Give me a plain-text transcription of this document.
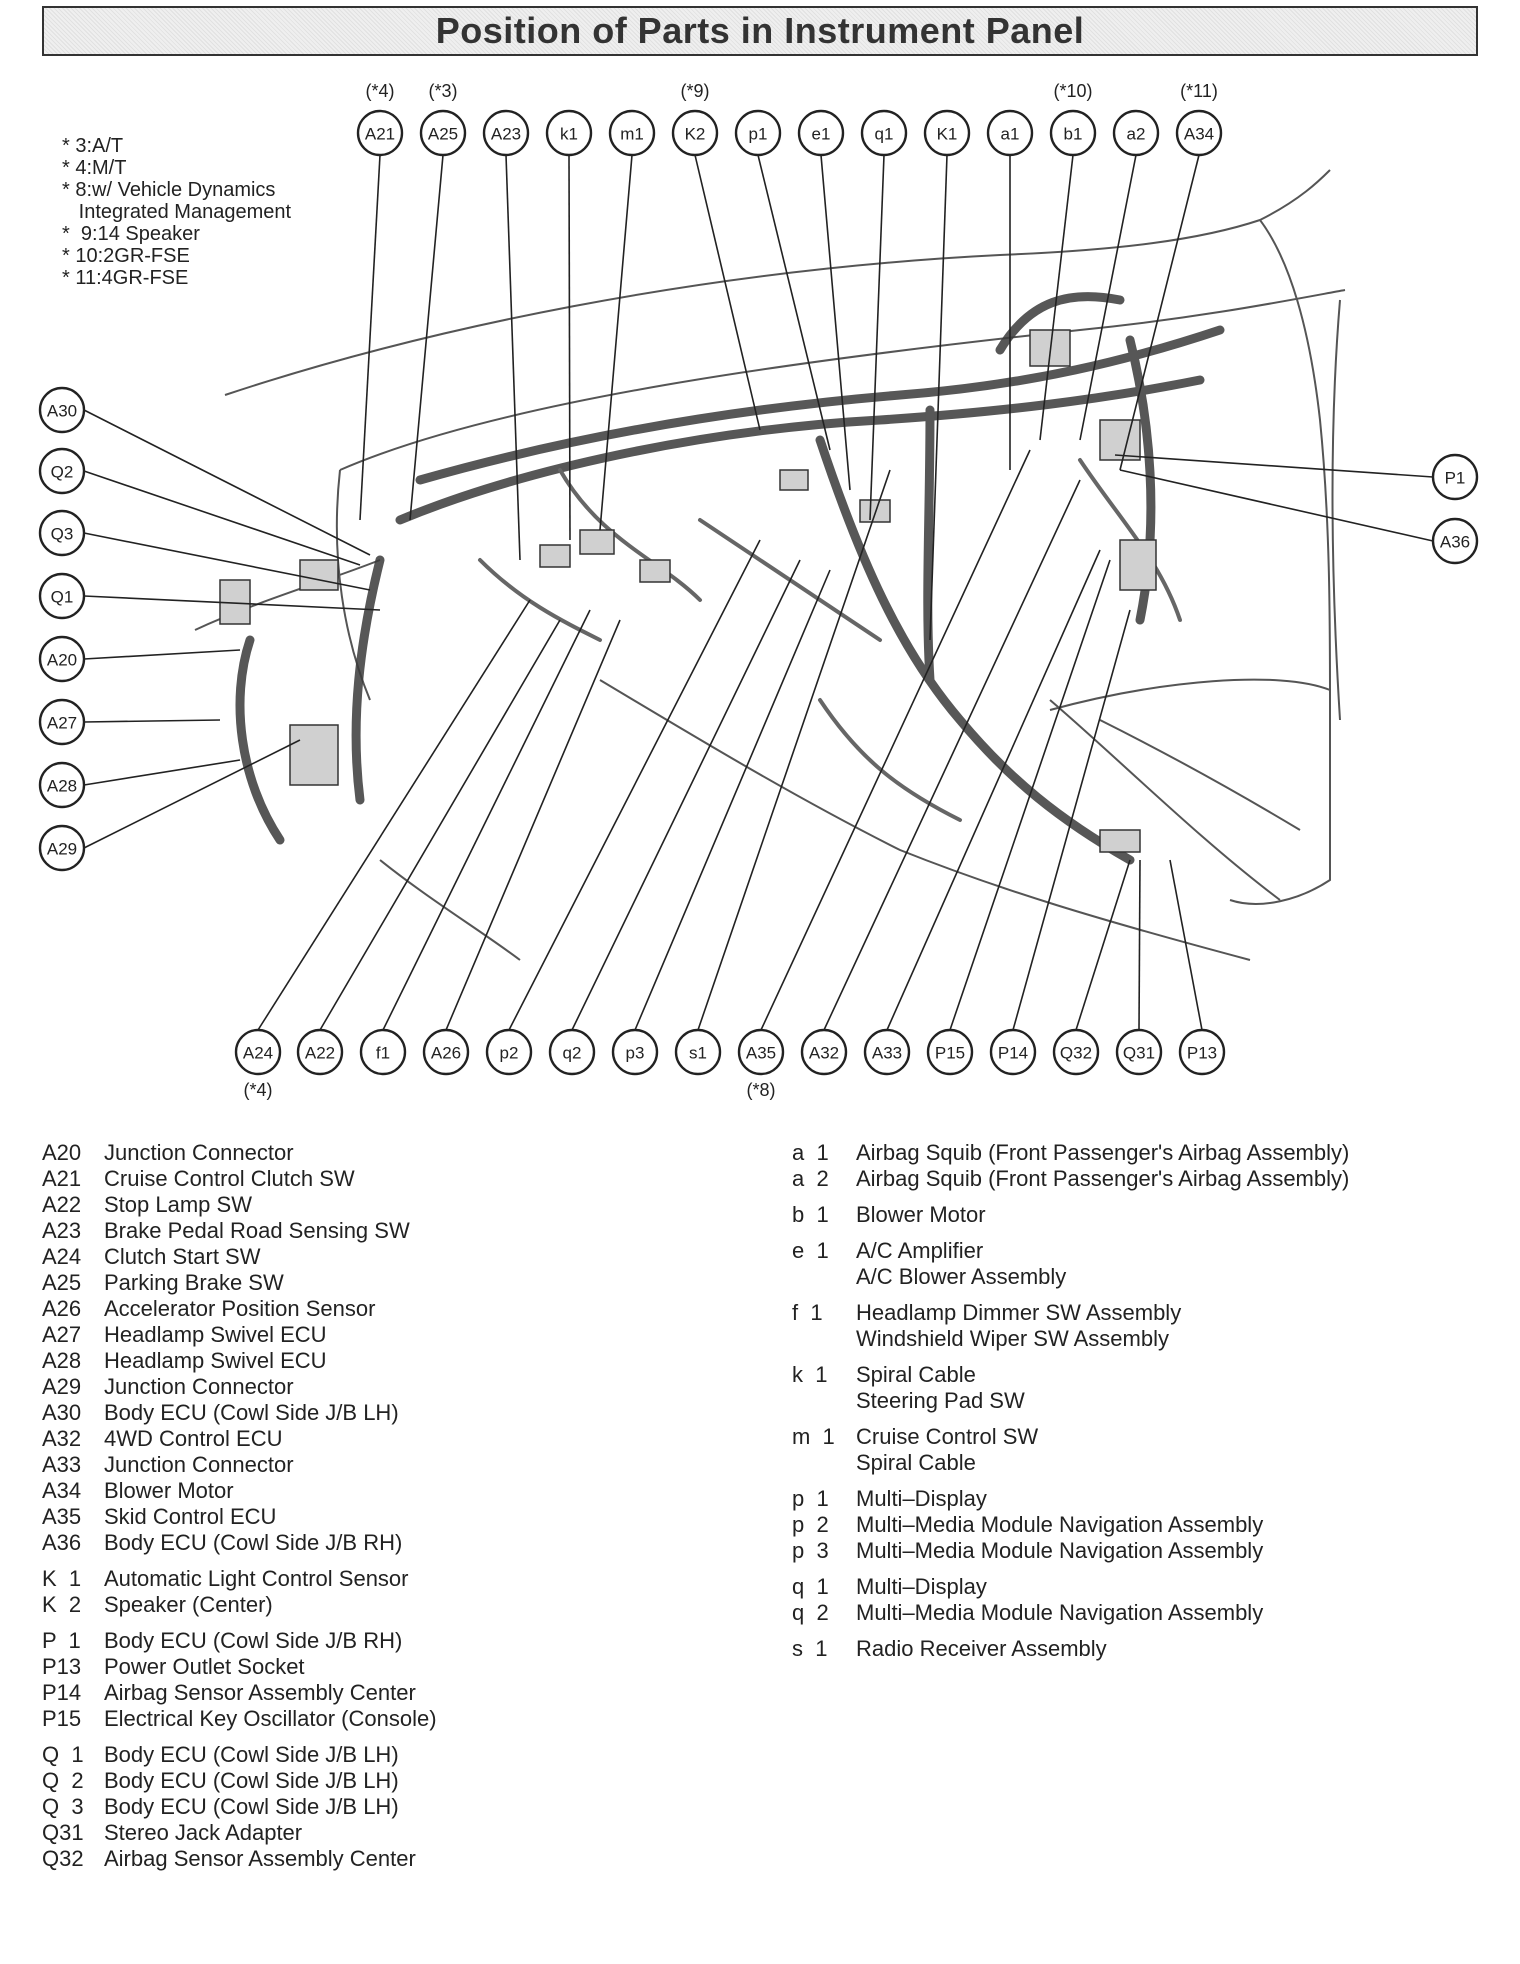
Position of Parts in Instrument Panel
* 3:A/T
* 4:M/T
* 8:w/ Vehicle Dynamics
Integrated Management
*  9:14 Speaker
* 10:2GR-FSE
* 11:4GR-FSE
A21
(*4)
A25
(*3)
A23 k1 m1 K2
(*9)
p1	e1	q1	K1	a1	b1
(*10)
a2 A34
(*11)
A30
Q2
Q3
Q1
A20
A27
A28
A29
P1
A36
A24
(*4)
A22 f1 A26 p2	q2	p3	s1 A35
(*8)
A32 A33 P15 P14 Q32 Q31 P13
A20	Junction Connector
A21	Cruise Control Clutch SW
A22	Stop Lamp SW
A23	Brake Pedal Road Sensing SW
A24	Clutch Start SW
A25	Parking Brake SW
A26	Accelerator Position Sensor
A27	Headlamp Swivel ECU
A28	Headlamp Swivel ECU
A29	Junction Connector
A30	Body ECU (Cowl Side J/B LH)
A32	4WD Control ECU
A33	Junction Connector
A34	Blower Motor
A35	Skid Control ECU
A36	Body ECU (Cowl Side J/B RH)
K  1	Automatic Light Control Sensor
K  2	Speaker (Center)
P  1	Body ECU (Cowl Side J/B RH)
P13	Power Outlet Socket
P14	Airbag Sensor Assembly Center
P15	Electrical Key Oscillator (Console)
Q  1 Body ECU (Cowl Side J/B LH)
Q  2 Body ECU (Cowl Side J/B LH)
Q  3 Body ECU (Cowl Side J/B LH)
Q31 Stereo Jack Adapter
Q32 Airbag Sensor Assembly Center
a  1	Airbag Squib (Front Passenger's Airbag Assembly)
a  2	Airbag Squib (Front Passenger's Airbag Assembly)
b  1	Blower Motor
e  1	A/C Amplifier
A/C Blower Assembly
f  1	Headlamp Dimmer SW Assembly
Windshield Wiper SW Assembly
k  1	Spiral Cable
Steering Pad SW
m  1 Cruise Control SW
Spiral Cable
p  1	Multi–Display
p  2	Multi–Media Module Navigation Assembly
p  3	Multi–Media Module Navigation Assembly
q  1	Multi–Display
q  2	Multi–Media Module Navigation Assembly
s  1	Radio Receiver Assembly
